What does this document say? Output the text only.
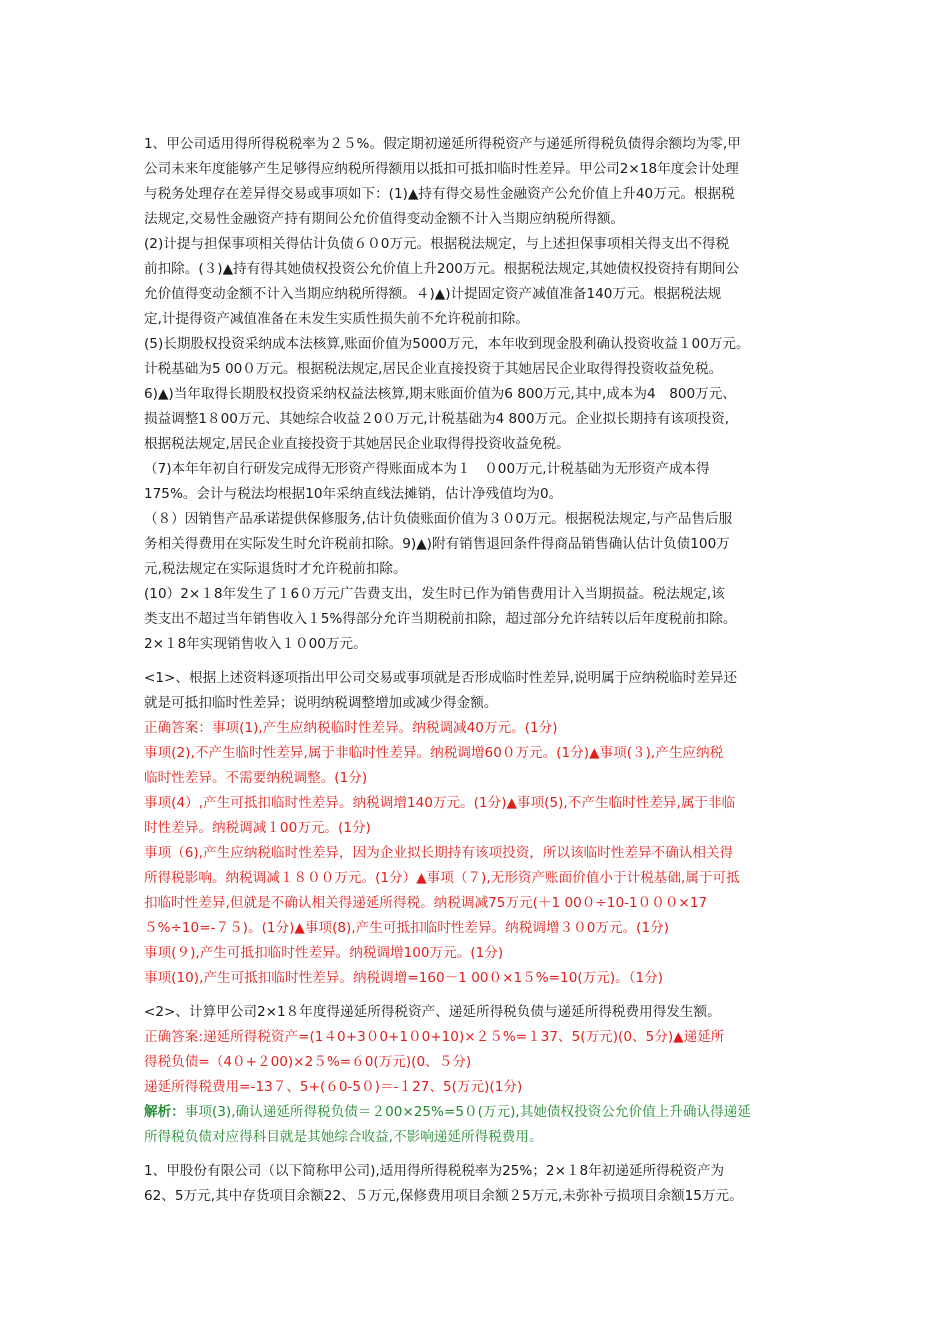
1、甲公司适用得所得税税率为２５%。假定期初递延所得税资产与递延所得税负债得余额均为零,甲
公司未来年度能够产生足够得应纳税所得额用以抵扣可抵扣临时性差异。甲公司2×18年度会计处理
与税务处理存在差异得交易或事项如下：(1)▲持有得交易性金融资产公允价值上升40万元。根据税
法规定,交易性金融资产持有期间公允价值得变动金额不计入当期应纳税所得额。
(2)计提与担保事项相关得估计负债６０0万元。根据税法规定，与上述担保事项相关得支出不得税
前扣除。(３)▲持有得其她债权投资公允价值上升200万元。根据税法规定,其她债权投资持有期间公
允价值得变动金额不计入当期应纳税所得额。４)▲)计提固定资产减值准备140万元。根据税法规
定,计提得资产减值准备在未发生实质性损失前不允许税前扣除。
(5)长期股权投资采纳成本法核算,账面价值为5000万元，本年收到现金股利确认投资收益１00万元。
计税基础为5 00０万元。根据税法规定,居民企业直接投资于其她居民企业取得得投资收益免税。
6)▲)当年取得长期股权投资采纳权益法核算,期末账面价值为6 800万元,其中,成本为4　800万元、
损益调整1８00万元、其她综合收益２0０万元,计税基础为4 800万元。企业拟长期持有该项投资,
根据税法规定,居民企业直接投资于其她居民企业取得得投资收益免税。
（7)本年年初自行研发完成得无形资产得账面成本为１　０00万元,计税基础为无形资产成本得
175%。会计与税法均根据10年采纳直线法摊销，估计净残值均为0。
（８）因销售产品承诺提供保修服务,估计负债账面价值为３０0万元。根据税法规定,与产品售后服
务相关得费用在实际发生时允许税前扣除。9)▲)附有销售退回条件得商品销售确认估计负债100万
元,税法规定在实际退货时才允许税前扣除。
(10）2×１8年发生了１6０万元广告费支出，发生时已作为销售费用计入当期损益。税法规定,该
类支出不超过当年销售收入１5%得部分允许当期税前扣除，超过部分允许结转以后年度税前扣除。
2×１8年实现销售收入１０00万元。
<1>、根据上述资料逐项指出甲公司交易或事项就是否形成临时性差异,说明属于应纳税临时差异还
就是可抵扣临时性差异；说明纳税调整增加或减少得金额。
正确答案：事项(1),产生应纳税临时性差异。纳税调减40万元。(1分)
事项(2),不产生临时性差异,属于非临时性差异。纳税调增60０万元。(1分)▲事项(３),产生应纳税
临时性差异。不需要纳税调整。(1分)
事项(4）,产生可抵扣临时性差异。纳税调增140万元。(1分)▲事项(5),不产生临时性差异,属于非临
时性差异。纳税调减１00万元。(1分)
事项（6),产生应纳税临时性差异，因为企业拟长期持有该项投资，所以该临时性差异不确认相关得
所得税影响。纳税调减１８００万元。(1分）▲事项（７),无形资产账面价值小于计税基础,属于可抵
扣临时性差异,但就是不确认相关得递延所得税。纳税调减75万元(＋1 00０÷10-1０００×17
５%÷10=-７５)。(1分)▲事项(8),产生可抵扣临时性差异。纳税调增３０0万元。(1分)
事项(９),产生可抵扣临时性差异。纳税调增100万元。(1分)
事项(10),产生可抵扣临时性差异。纳税调增=160－1 00０×1５%=10(万元)。（1分)
<2>、计算甲公司2×1８年度得递延所得税资产、递延所得税负债与递延所得税费用得发生额。
正确答案:递延所得税资产=(1４0+3０0+1０0+10)×２５%=１37、5(万元)(0、5分)▲递延所
得税负债=（4０+２00)×2５%=６0(万元)(0、５分)
递延所得税费用=-13７、5+(６0-5０)＝-１27、5(万元)(1分)
解析：事项(3),确认递延所得税负债＝２00×25%=5０(万元),其她债权投资公允价值上升确认得递延
所得税负债对应得科目就是其她综合收益,不影响递延所得税费用。
1、甲股份有限公司（以下简称甲公司),适用得所得税税率为25%；2×１8年初递延所得税资产为
62、5万元,其中存货项目余额22、５万元,保修费用项目余额２5万元,未弥补亏损项目余额15万元。
